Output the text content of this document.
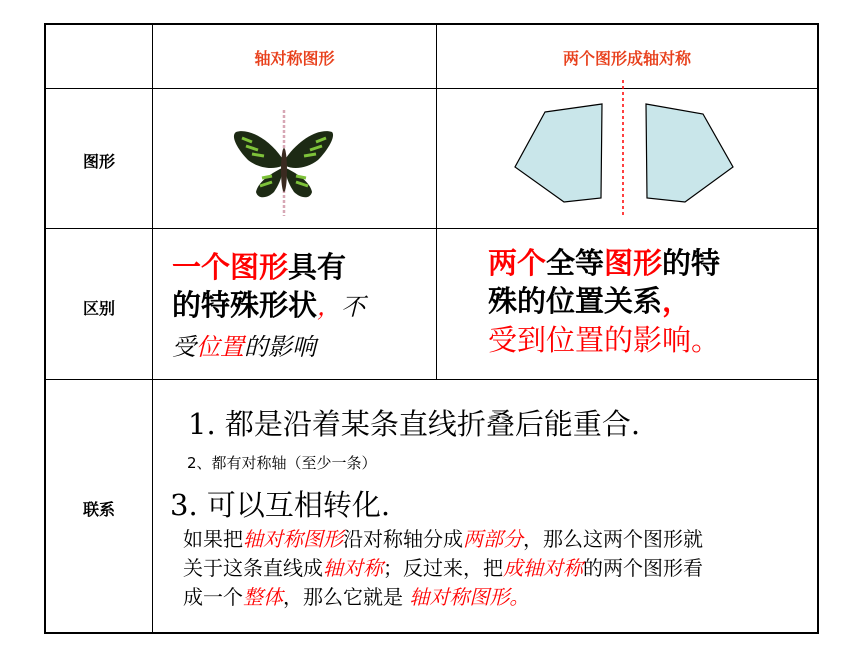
轴对称图形	两个图形成轴对称
图形
区别
联系
一个图形具有
的特殊形状，不
受位置的影响
两个全等图形的特
殊的位置关系，
受到位置的影响。
1. 都是沿着某条直线折叠后能重合.
2、都有对称轴（至少一条）
3. 可以互相转化.
如果把轴对称图形沿对称轴分成两部分，那么这两个图形就
关于这条直线成轴对称；反过来，把成轴对称的两个图形看
成一个整体，那么它就是 轴对称图形。
